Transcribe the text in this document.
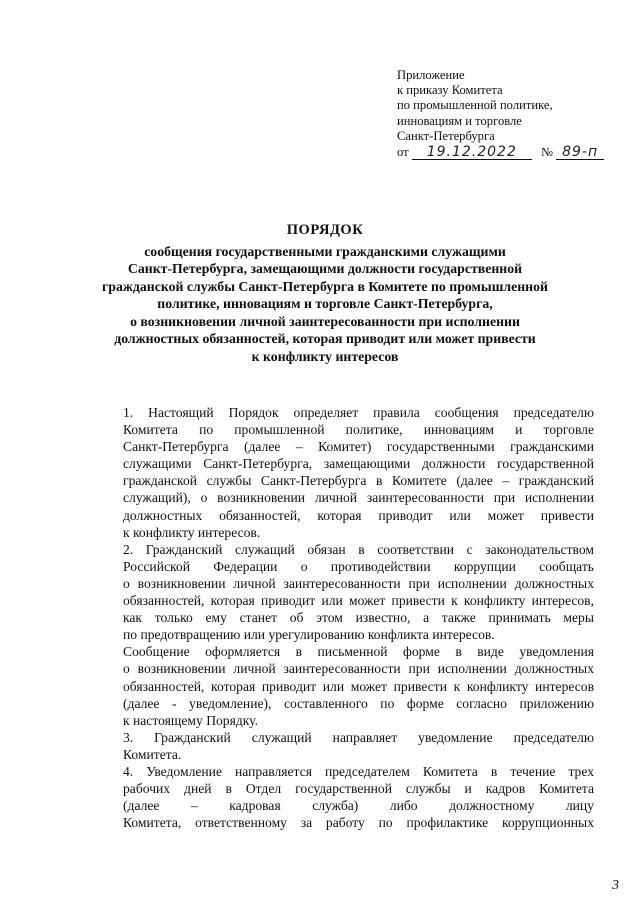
Приложение
к приказу Комитета
по промышленной политике,
инновациям и торговле
Санкт-Петербурга
от 19.12.2022 № 89-п
ПОРЯДОК
сообщения государственными гражданскими служащими
Санкт-Петербурга, замещающими должности государственной
гражданской службы Санкт-Петербурга в Комитете по промышленной
политике, инновациям и торговле Санкт-Петербурга,
о возникновении личной заинтересованности при исполнении
должностных обязанностей, которая приводит или может привести
к конфликту интересов
1. Настоящий Порядок определяет правила сообщения председателю
Комитета по промышленной политике, инновациям и торговле
Санкт-Петербурга (далее – Комитет) государственными гражданскими
служащими Санкт-Петербурга, замещающими должности государственной
гражданской службы Санкт-Петербурга в Комитете (далее – гражданский
служащий), о возникновении личной заинтересованности при исполнении
должностных обязанностей, которая приводит или может привести
к конфликту интересов.
2. Гражданский служащий обязан в соответствии с законодательством
Российской Федерации о противодействии коррупции сообщать
о возникновении личной заинтересованности при исполнении должностных
обязанностей, которая приводит или может привести к конфликту интересов,
как только ему станет об этом известно, а также принимать меры
по предотвращению или урегулированию конфликта интересов.
Сообщение оформляется в письменной форме в виде уведомления
о возникновении личной заинтересованности при исполнении должностных
обязанностей, которая приводит или может привести к конфликту интересов
(далее - уведомление), составленного по форме согласно приложению
к настоящему Порядку.
3. Гражданский служащий направляет уведомление председателю
Комитета.
4. Уведомление направляется председателем Комитета в течение трех
рабочих дней в Отдел государственной службы и кадров Комитета
(далее – кадровая служба) либо должностному лицу
Комитета, ответственному за работу по профилактике коррупционных
3
